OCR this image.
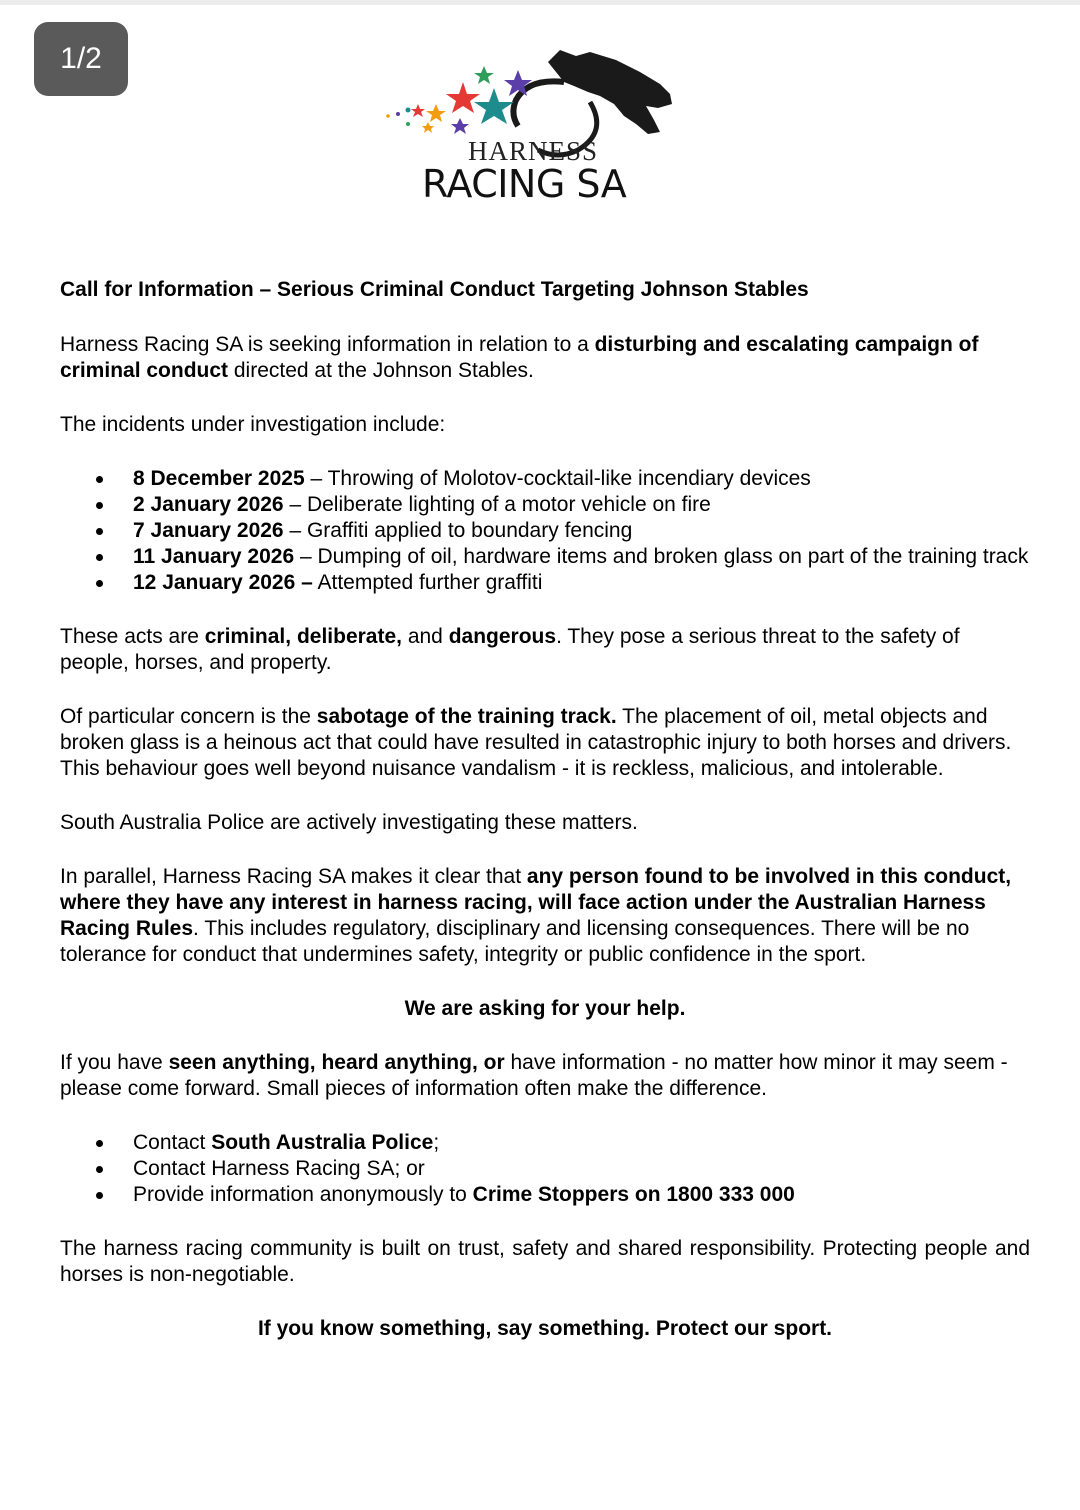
1/2
HARNESS
RACING SA

Call for Information – Serious Criminal Conduct Targeting Johnson Stables

Harness Racing SA is seeking information in relation to a disturbing and escalating campaign of criminal conduct directed at the Johnson Stables.

The incidents under investigation include:

8 December 2025 – Throwing of Molotov-cocktail-like incendiary devices
2 January 2026 – Deliberate lighting of a motor vehicle on fire
7 January 2026 – Graffiti applied to boundary fencing
11 January 2026 – Dumping of oil, hardware items and broken glass on part of the training track
12 January 2026 – Attempted further graffiti

These acts are criminal, deliberate, and dangerous. They pose a serious threat to the safety of people, horses, and property.

Of particular concern is the sabotage of the training track. The placement of oil, metal objects and broken glass is a heinous act that could have resulted in catastrophic injury to both horses and drivers. This behaviour goes well beyond nuisance vandalism - it is reckless, malicious, and intolerable.

South Australia Police are actively investigating these matters.

In parallel, Harness Racing SA makes it clear that any person found to be involved in this conduct, where they have any interest in harness racing, will face action under the Australian Harness Racing Rules. This includes regulatory, disciplinary and licensing consequences. There will be no tolerance for conduct that undermines safety, integrity or public confidence in the sport.

We are asking for your help.

If you have seen anything, heard anything, or have information - no matter how minor it may seem - please come forward. Small pieces of information often make the difference.

Contact South Australia Police;
Contact Harness Racing SA; or
Provide information anonymously to Crime Stoppers on 1800 333 000

The harness racing community is built on trust, safety and shared responsibility. Protecting people and horses is non-negotiable.

If you know something, say something. Protect our sport.
